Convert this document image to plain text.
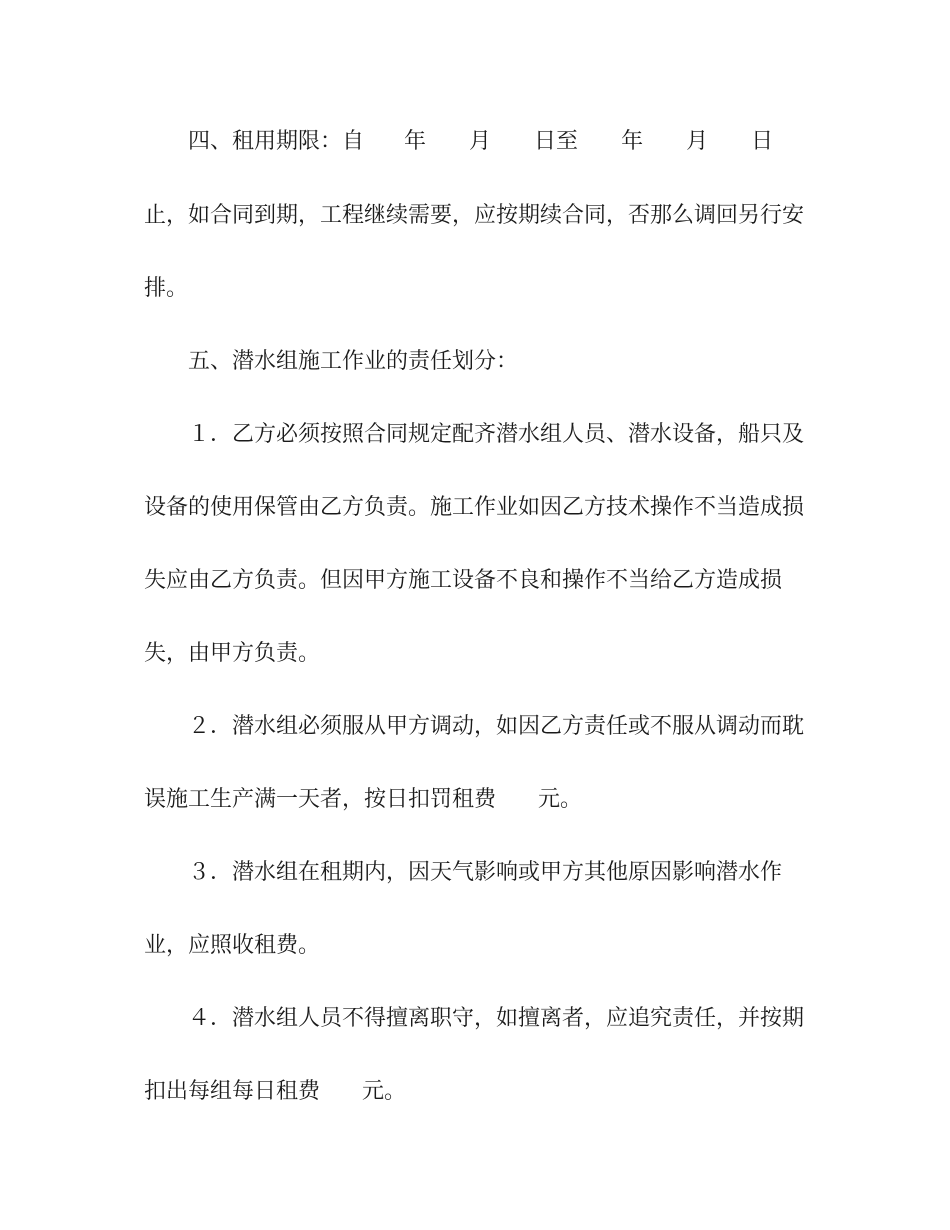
四、租用期限：自 年 月 日至 年 月 日
止，如合同到期，工程继续需要，应按期续合同，否那么调回另行安
排。
五、潜水组施工作业的责任划分：
１．乙方必须按照合同规定配齐潜水组人员、潜水设备，船只及
设备的使用保管由乙方负责。施工作业如因乙方技术操作不当造成损
失应由乙方负责。但因甲方施工设备不良和操作不当给乙方造成损
失，由甲方负责。
２．潜水组必须服从甲方调动，如因乙方责任或不服从调动而耽
误施工生产满一天者，按日扣罚租费 元。
３．潜水组在租期内，因天气影响或甲方其他原因影响潜水作
业，应照收租费。
４．潜水组人员不得擅离职守，如擅离者，应追究责任，并按期
扣出每组每日租费 元。
